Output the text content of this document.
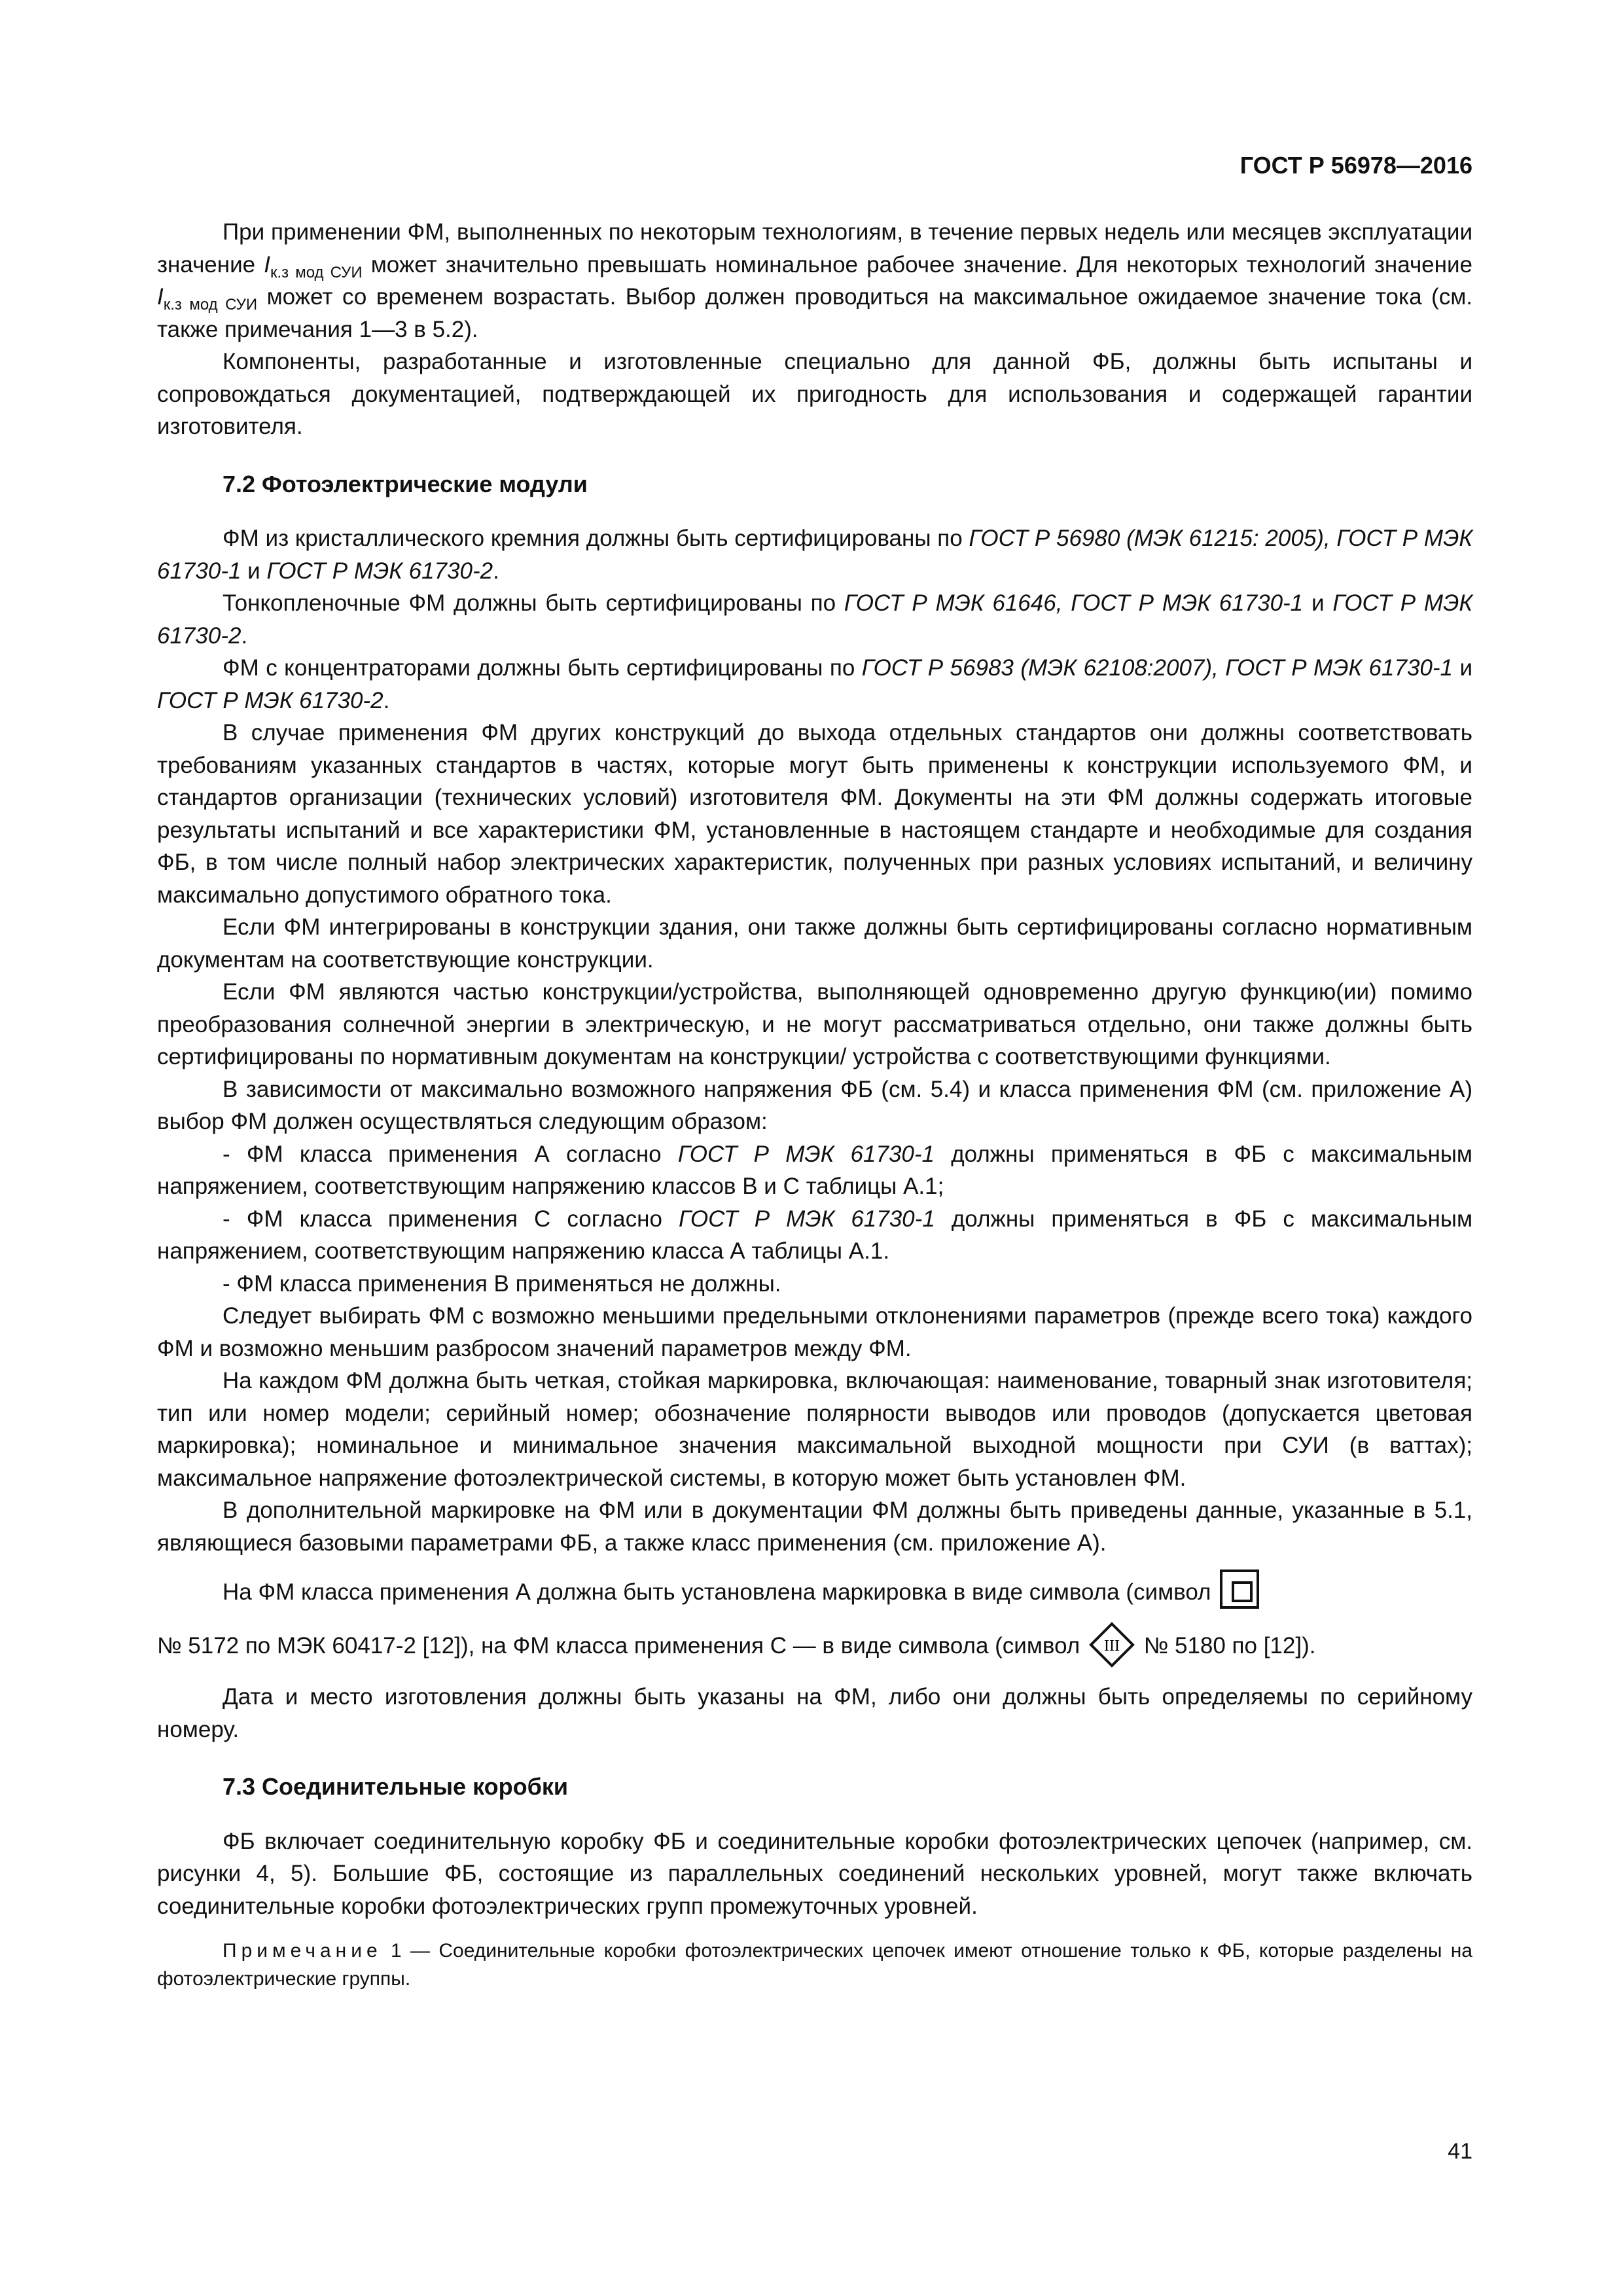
ГОСТ Р 56978—2016

При применении ФМ, выполненных по некоторым технологиям, в течение первых недель или месяцев эксплуатации значение $I_{к.з мод СУИ}$ может значительно превышать номинальное рабочее значение. Для некоторых технологий значение $I_{к.з мод СУИ}$ может со временем возрастать. Выбор должен проводиться на максимальное ожидаемое значение тока (см. также примечания 1—3 в 5.2).

Компоненты, разработанные и изготовленные специально для данной ФБ, должны быть испытаны и сопровождаться документацией, подтверждающей их пригодность для использования и содержащей гарантии изготовителя.

7.2 Фотоэлектрические модули

ФМ из кристаллического кремния должны быть сертифицированы по ГОСТ Р 56980 (МЭК 61215: 2005), ГОСТ Р МЭК 61730-1 и ГОСТ Р МЭК 61730-2.

Тонкопленочные ФМ должны быть сертифицированы по ГОСТ Р МЭК 61646, ГОСТ Р МЭК 61730-1 и ГОСТ Р МЭК 61730-2.

ФМ с концентраторами должны быть сертифицированы по ГОСТ Р 56983 (МЭК 62108:2007), ГОСТ Р МЭК 61730-1 и ГОСТ Р МЭК 61730-2.

В случае применения ФМ других конструкций до выхода отдельных стандартов они должны соответствовать требованиям указанных стандартов в частях, которые могут быть применены к конструкции используемого ФМ, и стандартов организации (технических условий) изготовителя ФМ. Документы на эти ФМ должны содержать итоговые результаты испытаний и все характеристики ФМ, установленные в настоящем стандарте и необходимые для создания ФБ, в том числе полный набор электрических характеристик, полученных при разных условиях испытаний, и величину максимально допустимого обратного тока.

Если ФМ интегрированы в конструкции здания, они также должны быть сертифицированы согласно нормативным документам на соответствующие конструкции.

Если ФМ являются частью конструкции/устройства, выполняющей одновременно другую функцию(ии) помимо преобразования солнечной энергии в электрическую, и не могут рассматриваться отдельно, они также должны быть сертифицированы по нормативным документам на конструкции/ устройства с соответствующими функциями.

В зависимости от максимально возможного напряжения ФБ (см. 5.4) и класса применения ФМ (см. приложение А) выбор ФМ должен осуществляться следующим образом:

- ФМ класса применения А согласно ГОСТ Р МЭК 61730-1 должны применяться в ФБ с максимальным напряжением, соответствующим напряжению классов В и С таблицы А.1;

- ФМ класса применения С согласно ГОСТ Р МЭК 61730-1 должны применяться в ФБ с максимальным напряжением, соответствующим напряжению класса А таблицы А.1.

- ФМ класса применения В применяться не должны.

Следует выбирать ФМ с возможно меньшими предельными отклонениями параметров (прежде всего тока) каждого ФМ и возможно меньшим разбросом значений параметров между ФМ.

На каждом ФМ должна быть четкая, стойкая маркировка, включающая: наименование, товарный знак изготовителя; тип или номер модели; серийный номер; обозначение полярности выводов или проводов (допускается цветовая маркировка); номинальное и минимальное значения максимальной выходной мощности при СУИ (в ваттах); максимальное напряжение фотоэлектрической системы, в которую может быть установлен ФМ.

В дополнительной маркировке на ФМ или в документации ФМ должны быть приведены данные, указанные в 5.1, являющиеся базовыми параметрами ФБ, а также класс применения (см. приложение А).

На ФМ класса применения А должна быть установлена маркировка в виде символа (символ

№ 5172 по МЭК 60417-2 [12]), на ФМ класса применения С — в виде символа (символ III № 5180 по [12]).

Дата и место изготовления должны быть указаны на ФМ, либо они должны быть определяемы по серийному номеру.

7.3 Соединительные коробки

ФБ включает соединительную коробку ФБ и соединительные коробки фотоэлектрических цепочек (например, см. рисунки 4, 5). Большие ФБ, состоящие из параллельных соединений нескольких уровней, могут также включать соединительные коробки фотоэлектрических групп промежуточных уровней.

Примечание 1 — Соединительные коробки фотоэлектрических цепочек имеют отношение только к ФБ, которые разделены на фотоэлектрические группы.

41
